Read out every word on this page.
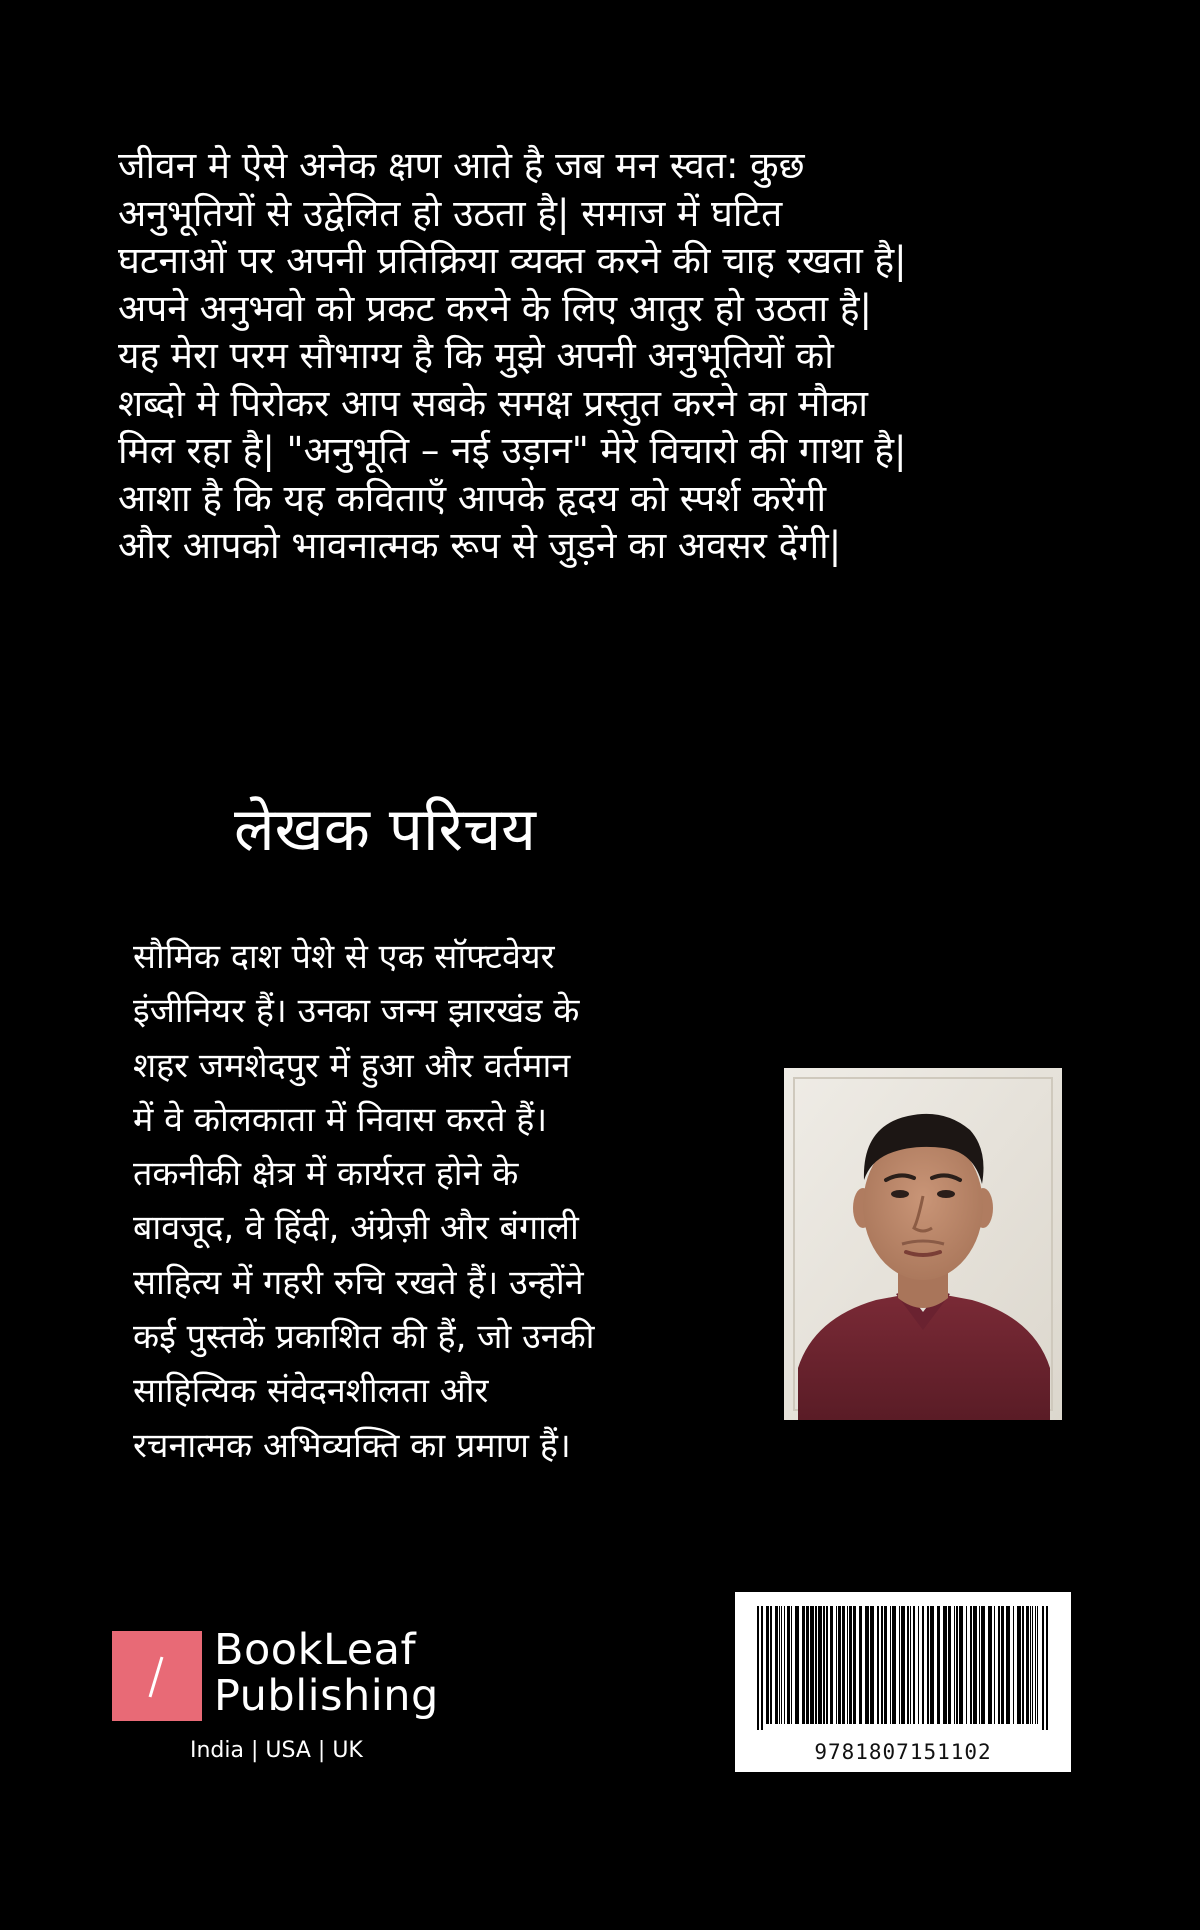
जीवन मे ऐसे अनेक क्षण आते है जब मन स्वत: कुछ
अनुभूतियों से उद्वेलित हो उठता है| समाज में घटित
घटनाओं पर अपनी प्रतिक्रिया व्यक्त करने की चाह रखता है|
अपने अनुभवो को प्रकट करने के लिए आतुर हो उठता है|
यह मेरा परम सौभाग्य है कि मुझे अपनी अनुभूतियों को
शब्दो मे पिरोकर आप सबके समक्ष प्रस्तुत करने का मौका
मिल रहा है| "अनुभूति – नई उड़ान" मेरे विचारो की गाथा है|
आशा है कि यह कविताएँ आपके हृदय को स्पर्श करेंगी
और आपको भावनात्मक रूप से जुड़ने का अवसर देंगी|
लेखक परिचय
सौमिक दाश पेशे से एक सॉफ्टवेयर
इंजीनियर हैं। उनका जन्म झारखंड के
शहर जमशेदपुर में हुआ और वर्तमान
में वे कोलकाता में निवास करते हैं।
तकनीकी क्षेत्र में कार्यरत होने के
बावजूद, वे हिंदी, अंग्रेज़ी और बंगाली
साहित्य में गहरी रुचि रखते हैं। उन्होंने
कई पुस्तकें प्रकाशित की हैं, जो उनकी
साहित्यिक संवेदनशीलता और
रचनात्मक अभिव्यक्ति का प्रमाण हैं।
BookLeaf
Publishing
India | USA | UK	9781807151102
